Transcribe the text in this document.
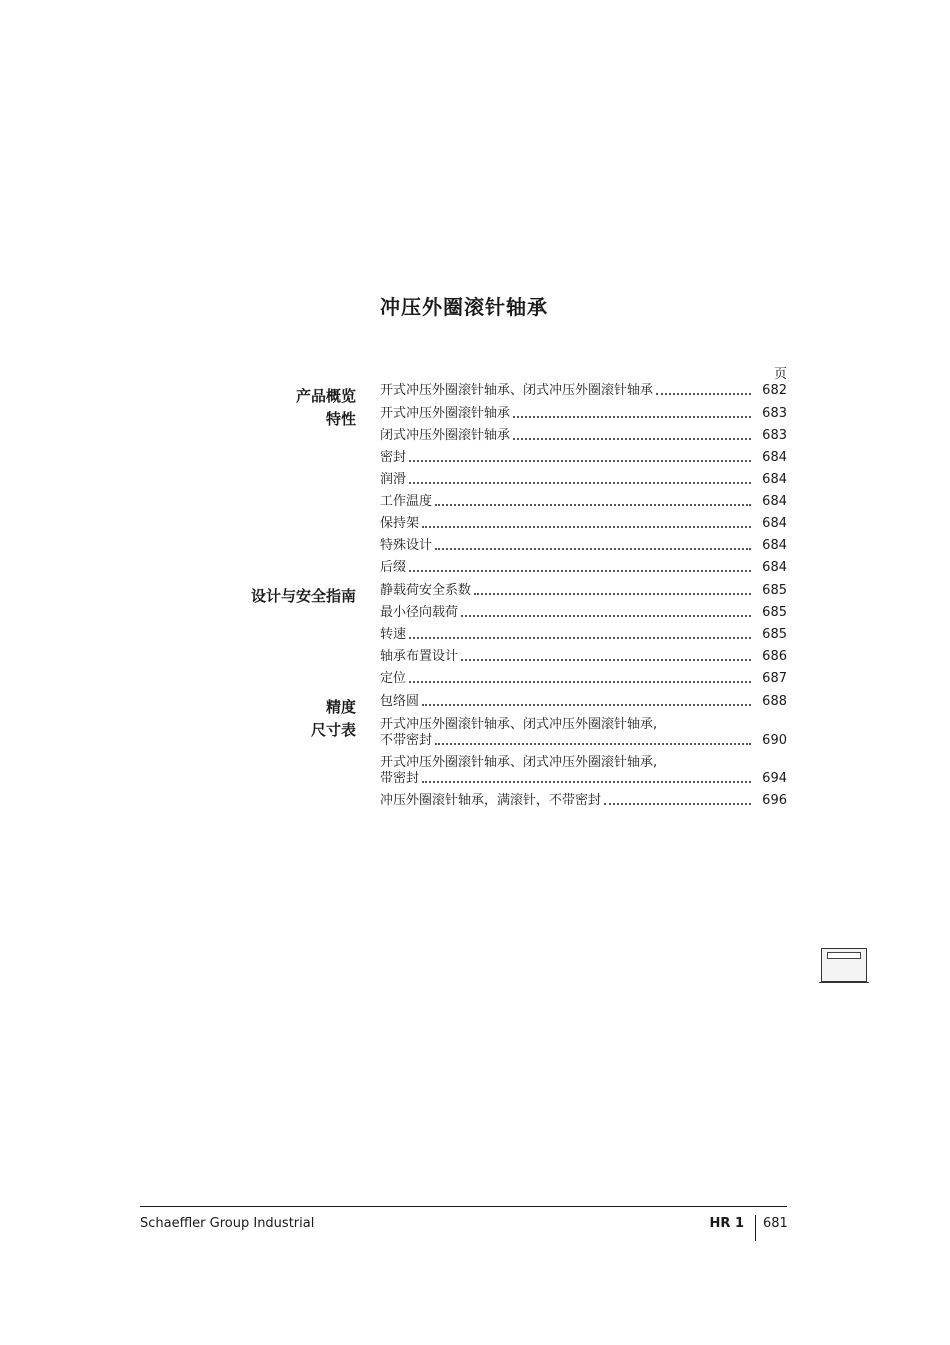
冲压外圈滚针轴承
页
产品概览 开式冲压外圈滚针轴承、闭式冲压外圈滚针轴承	682
特性 开式冲压外圈滚针轴承	683
闭式冲压外圈滚针轴承	683
密封	684
润滑	684
工作温度	684
保持架	684
特殊设计	684
后缀	684
设计与安全指南 静载荷安全系数	685
最小径向载荷	685
转速	685
轴承布置设计	686
定位	687
精度 包络圆	688
尺寸表 开式冲压外圈滚针轴承、闭式冲压外圈滚针轴承,
不带密封	690
开式冲压外圈滚针轴承、闭式冲压外圈滚针轴承,
带密封	694
冲压外圈滚针轴承，满滚针，不带密封	696
Schaeffler Group Industrial	HR 1 681
